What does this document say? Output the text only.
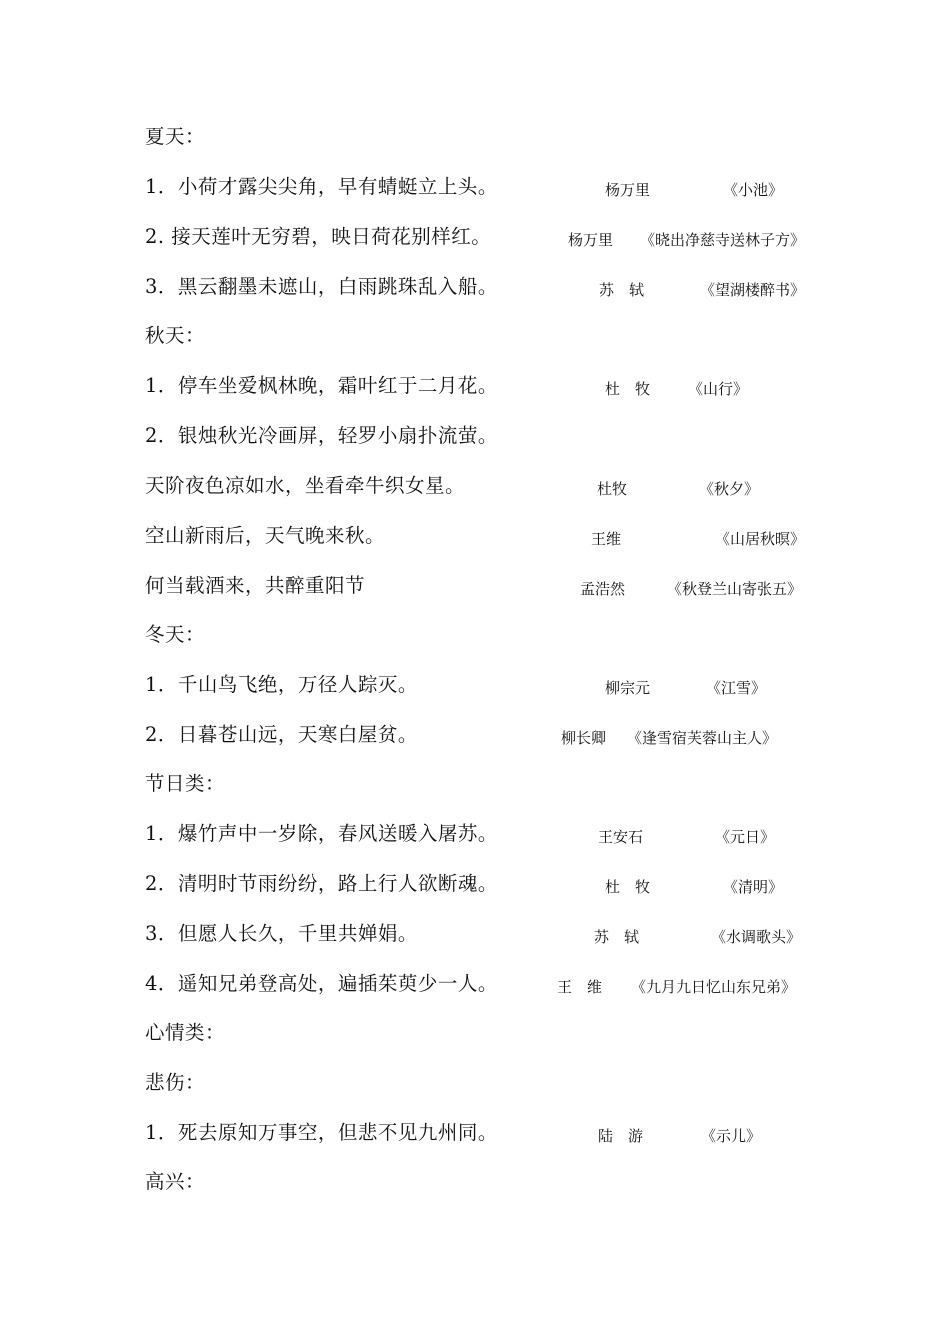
夏天：
1．小荷才露尖尖角，早有蜻蜓立上头。	杨万里	《小池》
2. 接天莲叶无穷碧，映日荷花别样红。	杨万里 《晓出净慈寺送林子方》
3．黑云翻墨未遮山，白雨跳珠乱入船。	苏　轼	《望湖楼醉书》
秋天：
1．停车坐爱枫林晚，霜叶红于二月花。	杜　牧	《山行》
2．银烛秋光冷画屏，轻罗小扇扑流萤。
天阶夜色凉如水，坐看牵牛织女星。	杜牧	《秋夕》
空山新雨后，天气晚来秋。	王维	《山居秋暝》
何当载酒来，共醉重阳节	孟浩然	《秋登兰山寄张五》
冬天：
1．千山鸟飞绝，万径人踪灭。	柳宗元	《江雪》
2．日暮苍山远，天寒白屋贫。	柳长卿 《逢雪宿芙蓉山主人》
节日类：
1．爆竹声中一岁除，春风送暖入屠苏。	王安石	《元日》
2．清明时节雨纷纷，路上行人欲断魂。	杜　牧	《清明》
3．但愿人长久，千里共婵娟。	苏　轼	《水调歌头》
4．遥知兄弟登高处，遍插茱萸少一人。	王　维 《九月九日忆山东兄弟》
心情类：
悲伤：
1．死去原知万事空，但悲不见九州同。	陆　游	《示儿》
高兴：
